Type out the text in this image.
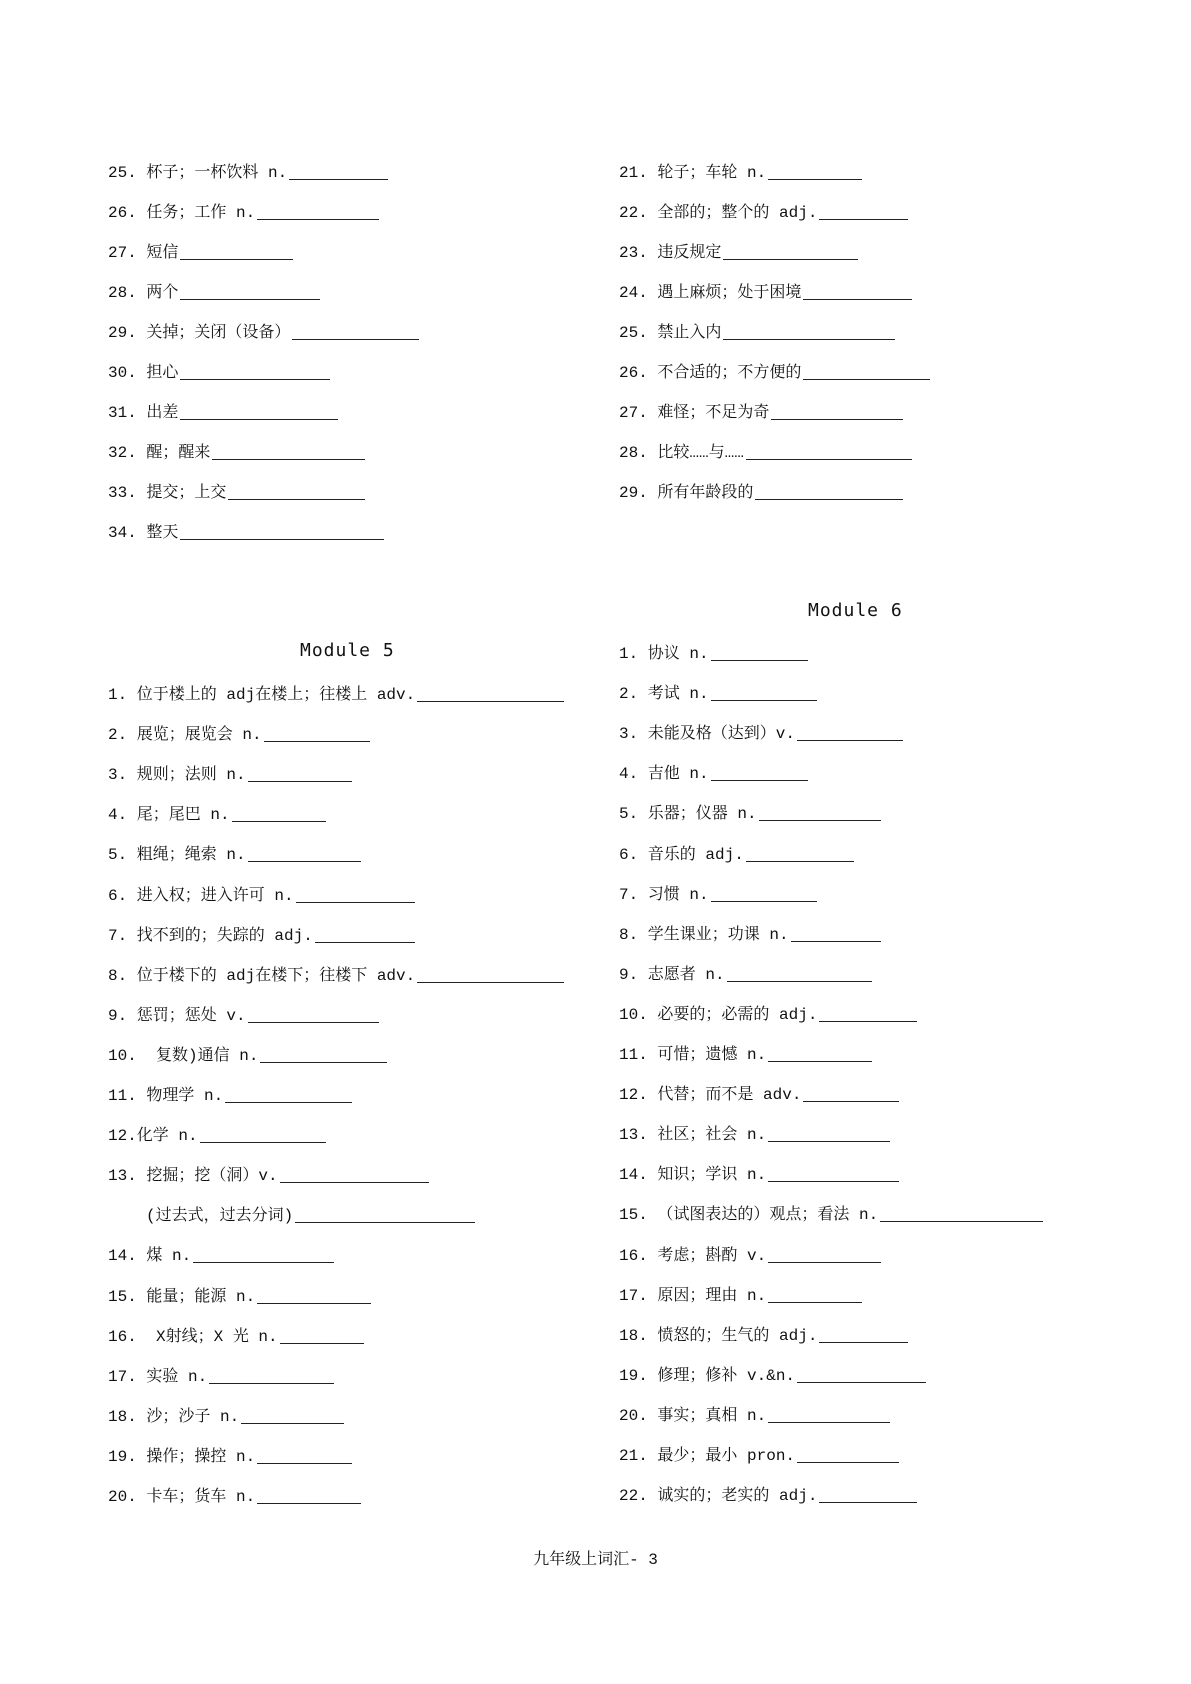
25. 杯子；一杯饮料 n.
26. 任务；工作 n.
27. 短信
28. 两个
29. 关掉；关闭（设备）
30. 担心
31. 出差
32. 醒；醒来
33. 提交；上交
34. 整天
21. 轮子；车轮 n.
22. 全部的；整个的 adj.
23. 违反规定
24. 遇上麻烦；处于困境
25. 禁止入内
26. 不合适的；不方便的
27. 难怪；不足为奇
28. 比较……与……
29. 所有年龄段的
Module 5
Module 6
1. 位于楼上的 adj在楼上；往楼上 adv.
2. 展览；展览会 n.
3. 规则；法则 n.
4. 尾；尾巴 n.
5. 粗绳；绳索 n.
6. 进入权；进入许可 n.
7. 找不到的；失踪的 adj.
8. 位于楼下的 adj在楼下；往楼下 adv.
9. 惩罚；惩处 v.
10.  复数)通信 n.
11. 物理学 n.
12.化学 n.
13. 挖掘；挖（洞）v.
(过去式，过去分词)
14. 煤 n.
15. 能量；能源 n.
16.  X射线；X 光 n.
17. 实验 n.
18. 沙；沙子 n.
19. 操作；操控 n.
20. 卡车；货车 n.
1. 协议 n.
2. 考试 n.
3. 未能及格（达到）v.
4. 吉他 n.
5. 乐器；仪器 n.
6. 音乐的 adj.
7. 习惯 n.
8. 学生课业；功课 n.
9. 志愿者 n.
10. 必要的；必需的 adj.
11. 可惜；遗憾 n.
12. 代替；而不是 adv.
13. 社区；社会 n.
14. 知识；学识 n.
15. （试图表达的）观点；看法 n.
16. 考虑；斟酌 v.
17. 原因；理由 n.
18. 愤怒的；生气的 adj.
19. 修理；修补 v.&n.
20. 事实；真相 n.
21. 最少；最小 pron.
22. 诚实的；老实的 adj.
九年级上词汇- 3
